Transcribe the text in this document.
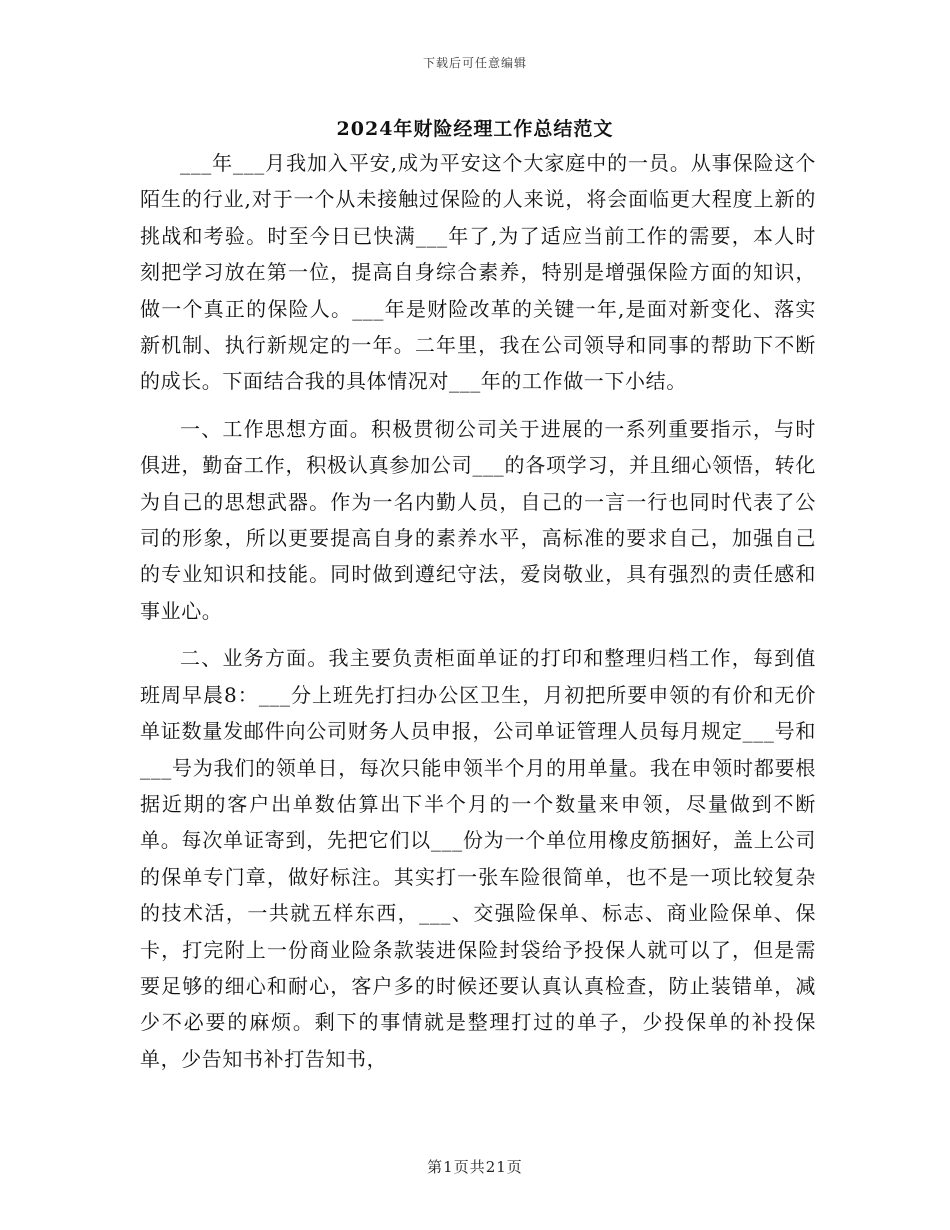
下载后可任意编辑
2024年财险经理工作总结范文

___年___月我加入平安,成为平安这个大家庭中的一员。从事保险这个陌生的行业,对于一个从未接触过保险的人来说，将会面临更大程度上新的挑战和考验。时至今日已快满___年了,为了适应当前工作的需要，本人时刻把学习放在第一位，提高自身综合素养，特别是增强保险方面的知识，做一个真正的保险人。___年是财险改革的关键一年,是面对新变化、落实新机制、执行新规定的一年。二年里，我在公司领导和同事的帮助下不断的成长。下面结合我的具体情况对___年的工作做一下小结。

一、工作思想方面。积极贯彻公司关于进展的一系列重要指示，与时俱进，勤奋工作，积极认真参加公司___的各项学习，并且细心领悟，转化为自己的思想武器。作为一名内勤人员，自己的一言一行也同时代表了公司的形象，所以更要提高自身的素养水平，高标准的要求自己，加强自己的专业知识和技能。同时做到遵纪守法，爱岗敬业，具有强烈的责任感和事业心。

二、业务方面。我主要负责柜面单证的打印和整理归档工作，每到值班周早晨8：___分上班先打扫办公区卫生，月初把所要申领的有价和无价单证数量发邮件向公司财务人员申报，公司单证管理人员每月规定___号和___号为我们的领单日，每次只能申领半个月的用单量。我在申领时都要根据近期的客户出单数估算出下半个月的一个数量来申领，尽量做到不断单。每次单证寄到，先把它们以___份为一个单位用橡皮筋捆好，盖上公司的保单专门章，做好标注。其实打一张车险很简单，也不是一项比较复杂的技术活，一共就五样东西，___、交强险保单、标志、商业险保单、保卡，打完附上一份商业险条款装进保险封袋给予投保人就可以了，但是需要足够的细心和耐心，客户多的时候还要认真认真检查，防止装错单，减少不必要的麻烦。剩下的事情就是整理打过的单子，少投保单的补投保单，少告知书补打告知书，

第1页共21页
